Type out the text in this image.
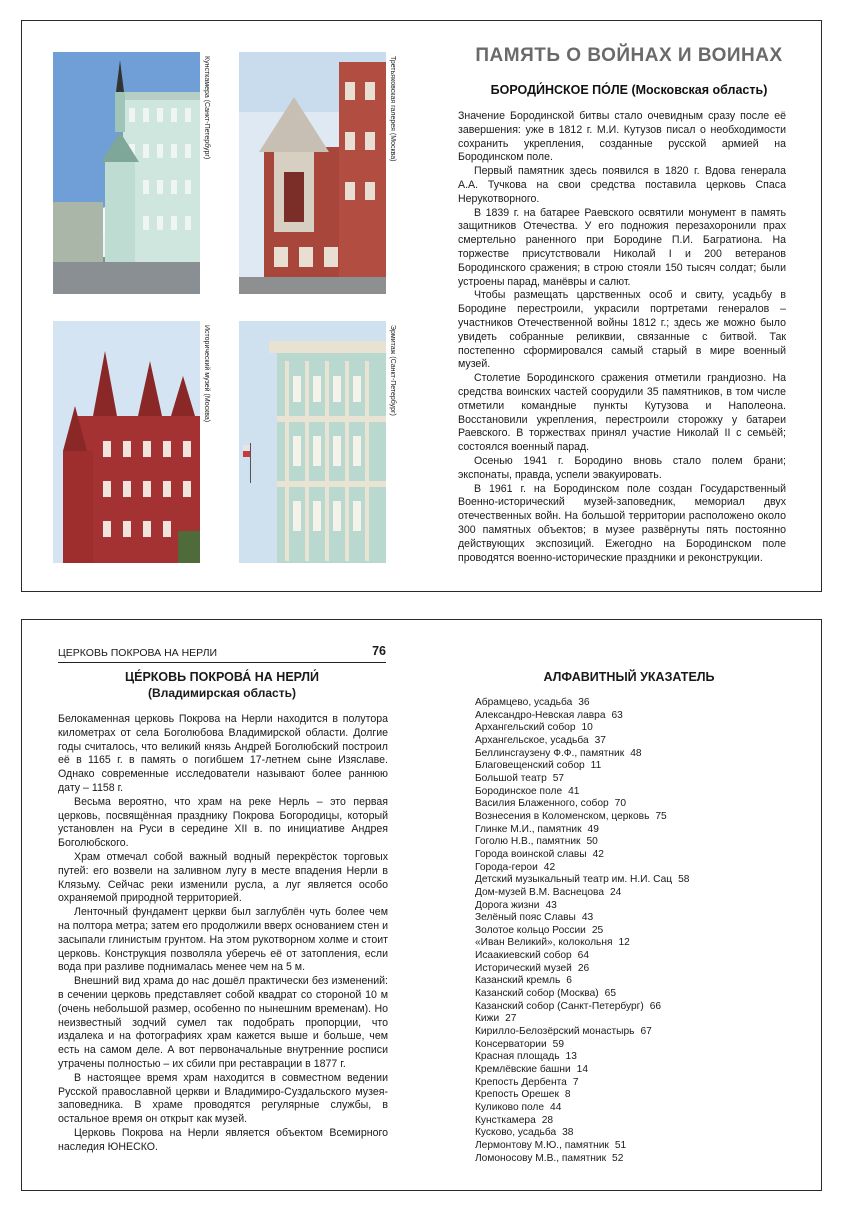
Кунсткамера (Санкт-Петербург)	Третьяковская галерея (Москва)
Исторический музей (Москва)	Эрмитаж (Санкт-Петербург)
ПАМЯТЬ О ВОЙНАХ И ВОИНАХ
БОРОДИ́НСКОЕ ПО́ЛЕ (Московская область)

Значение Бородинской битвы стало очевидным сразу после её завершения: уже в 1812 г. М.И. Кутузов писал о необходимости сохранить укрепления, созданные русской армией на Бородинском поле.

Первый памятник здесь появился в 1820 г. Вдова генерала А.А. Тучкова на свои средства поставила церковь Спаса Нерукотворного.

В 1839 г. на батарее Раевского освятили монумент в память защитников Отечества. У его подножия перезахоронили прах смертельно раненного при Бородине П.И. Багратиона. На торжестве присутствовали Николай I и 200 ветеранов Бородинского сражения; в строю стояли 150 тысяч солдат; были устроены парад, манёвры и салют.

Чтобы размещать царственных особ и свиту, усадьбу в Бородине перестроили, украсили портретами генералов – участников Отечественной войны 1812 г.; здесь же можно было увидеть собранные реликвии, связанные с битвой. Так постепенно сформировался самый старый в мире военный музей.

Столетие Бородинского сражения отметили грандиозно. На средства воинских частей соорудили 35 памятников, в том числе отметили командные пункты Кутузова и Наполеона. Восстановили укрепления, перестроили сторожку у батареи Раевского. В торжествах принял участие Николай II с семьёй; состоялся военный парад.

Осенью 1941 г. Бородино вновь стало полем брани; экспонаты, правда, успели эвакуировать.

В 1961 г. на Бородинском поле создан Государственный Военно-исторический музей-заповедник, мемориал двух отечественных войн. На большой территории расположено около 300 памятных объектов; в музее развёрнуты пять постоянно действующих экспозиций. Ежегодно на Бородинском поле проводятся военно-исторические праздники и реконструкции.

ЦЕРКОВЬ ПОКРОВА НА НЕРЛИ	76
ЦЕ́РКОВЬ ПОКРОВА́ НА НЕРЛИ́
(Владимирская область)

Белокаменная церковь Покрова на Нерли находится в полутора километрах от села Боголюбова Владимирской области. Долгие годы считалось, что великий князь Андрей Боголюбский построил её в 1165 г. в память о погибшем 17-летнем сыне Изяславе. Однако современные исследователи называют более раннюю дату – 1158 г.

Весьма вероятно, что храм на реке Нерль – это первая церковь, посвящённая празднику Покрова Богородицы, который установлен на Руси в середине XII в. по инициативе Андрея Боголюбского.

Храм отмечал собой важный водный перекрёсток торговых путей: его возвели на заливном лугу в месте впадения Нерли в Клязьму. Сейчас реки изменили русла, а луг является особо охраняемой природной территорией.

Ленточный фундамент церкви был заглублён чуть более чем на полтора метра; затем его продолжили вверх основанием стен и засыпали глинистым грунтом. На этом рукотворном холме и стоит церковь. Конструкция позволяла уберечь её от затопления, если вода при разливе поднималась менее чем на 5 м.

Внешний вид храма до нас дошёл практически без изменений: в сечении церковь представляет собой квадрат со стороной 10 м (очень небольшой размер, особенно по нынешним временам). Но неизвестный зодчий сумел так подобрать пропорции, что издалека и на фотографиях храм кажется выше и больше, чем есть на самом деле. А вот первоначальные внутренние росписи утрачены полностью – их сбили при реставрации в 1877 г.

В настоящее время храм находится в совместном ведении Русской православной церкви и Владимиро-Суздальского музея-заповедника. В храме проводятся регулярные службы, в остальное время он открыт как музей.

Церковь Покрова на Нерли является объектом Всемирного наследия ЮНЕСКО.

АЛФАВИТНЫЙ УКАЗАТЕЛЬ
Абрамцево, усадьба 36
Александро-Невская лавра 63
Архангельский собор 10
Архангельское, усадьба 37
Беллинсгаузену Ф.Ф., памятник 48
Благовещенский собор 11
Большой театр 57
Бородинское поле 41
Василия Блаженного, собор 70
Вознесения в Коломенском, церковь 75
Глинке М.И., памятник 49
Гоголю Н.В., памятник 50
Города воинской славы 42
Города-герои 42
Детский музыкальный театр им. Н.И. Сац 58
Дом-музей В.М. Васнецова 24
Дорога жизни 43
Зелёный пояс Славы 43
Золотое кольцо России 25
«Иван Великий», колокольня 12
Исаакиевский собор 64
Исторический музей 26
Казанский кремль 6
Казанский собор (Москва) 65
Казанский собор (Санкт-Петербург) 66
Кижи 27
Кирилло-Белозёрский монастырь 67
Консерватории 59
Красная площадь 13
Кремлёвские башни 14
Крепость Дербента 7
Крепость Орешек 8
Куликово поле 44
Кунсткамера 28
Кусково, усадьба 38
Лермонтову М.Ю., памятник 51
Ломоносову М.В., памятник 52
